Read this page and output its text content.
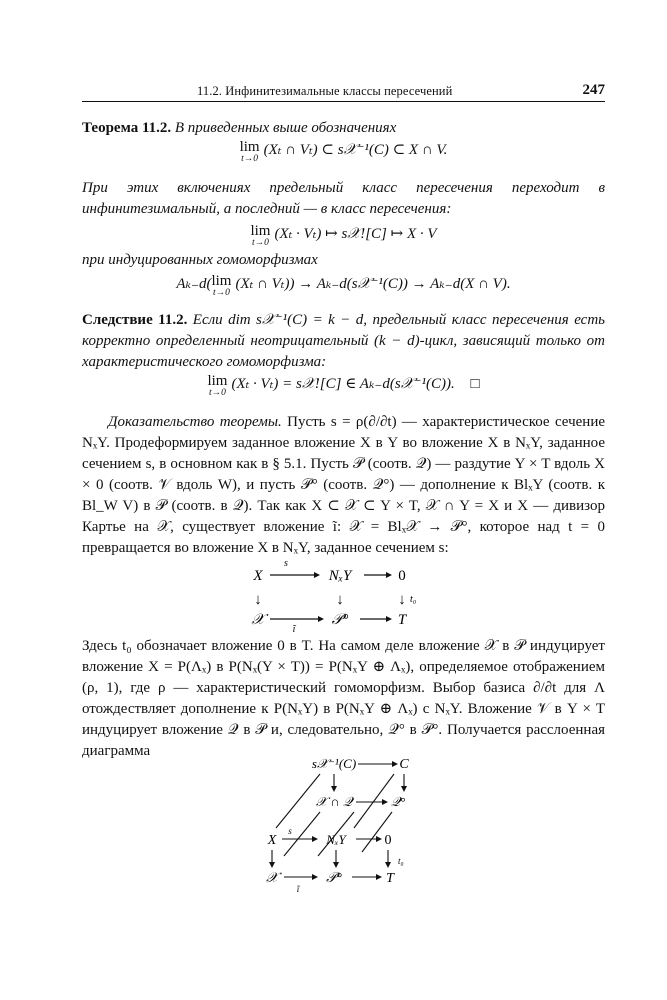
11.2. Инфинитезимальные классы пересечений	247
Теорема 11.2. В приведенных выше обозначениях
lim
t→0
(Xₜ ∩ Vₜ) ⊂ s𝒳⁻¹(C) ⊂ X ∩ V.
При этих включениях предельный класс пересечения переходит в инфинитезимальный, а последний — в класс пересечения:
lim
t→0
(Xₜ · Vₜ) ↦ s𝒳![C] ↦ X · V
при индуцированных гомоморфизмах
Aₖ₋d(lim
t→0
(Xₜ ∩ Vₜ)) → Aₖ₋d(s𝒳⁻¹(C)) → Aₖ₋d(X ∩ V).
Следствие 11.2. Если dim s𝒳⁻¹(C) = k − d, предельный класс пересечения есть корректно определенный неотрицательный (k − d)-цикл, зависящий только от характеристического гомоморфизма:
lim
t→0
(Xₜ · Vₜ) = s𝒳![C] ∈ Aₖ₋d(s𝒳⁻¹(C)). □
Доказательство теоремы. Пусть s = ρ(∂/∂t) — характеристическое сечение NₓY. Продеформируем заданное вложение X в Y во вложение X в NₓY, заданное сечением s, в основном как в § 5.1. Пусть 𝒫 (соотв. 𝒬) — раздутие Y × T вдоль X × 0 (соотв. 𝒱 вдоль W), и пусть 𝒫° (соотв. 𝒬°) — дополнение к BlₓY (соотв. к Bl_W V) в 𝒫 (соотв. в 𝒬). Так как X ⊂ 𝒳 ⊂ Y × T, 𝒳 ∩ Y = X и X — дивизор Картье на 𝒳, существует вложение ĩ: 𝒳 = Blₓ𝒳 → 𝒫°, которое над t = 0 превращается во вложение X в NₓY, заданное сечением s:
X	NₓY	0
s
↓	↓	↓ t₀
𝒳	𝒫°	T
ĩ
Здесь t₀ обозначает вложение 0 в T. На самом деле вложение 𝒳 в 𝒫 индуцирует вложение X = P(Λₓ) в P(Nₓ(Y × T)) = P(NₓY ⊕ Λₓ), определяемое отображением (ρ, 1), где ρ — характеристический гомоморфизм. Выбор базиса ∂/∂t для Λ отождествляет дополнение к P(NₓY) в P(NₓY ⊕ Λₓ) с NₓY. Вложение 𝒱 в Y × T индуцирует вложение 𝒬 в 𝒫 и, следовательно, 𝒬° в 𝒫°. Получается расслоенная диаграмма
s𝒳⁻¹(C)	C
𝒳 ∩ 𝒬	𝒬°
X
s
NₓY	0
t₀
𝒳
ĩ
𝒫°	T
